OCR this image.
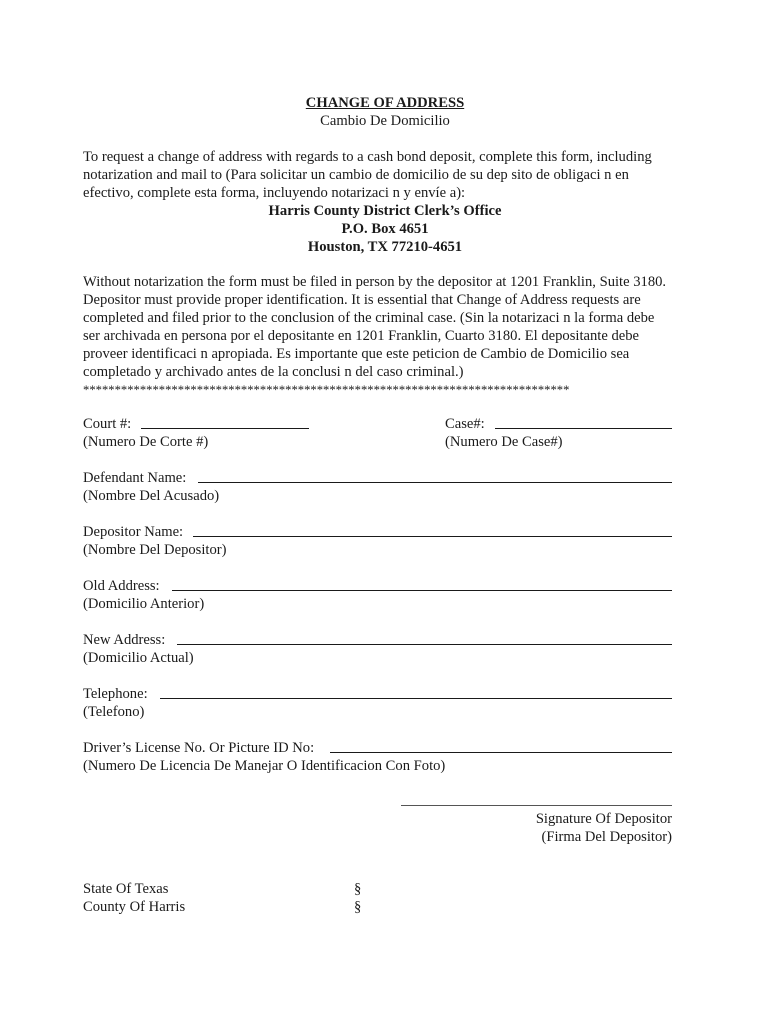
CHANGE OF ADDRESS

Cambio De Domicilio

To request a change of address with regards to a cash bond deposit, complete this form, including

notarization and mail to (Para solicitar un cambio de domicilio de su dep sito de obligaci n en

efectivo, complete esta forma, incluyendo notarizaci n y envíe a):

Harris County District Clerk’s Office

P.O. Box 4651

Houston, TX 77210-4651

Without notarization the form must be filed in person by the depositor at 1201 Franklin, Suite 3180.

Depositor must provide proper identification. It is essential that Change of Address requests are

completed and filed prior to the conclusion of the criminal case. (Sin la notarizaci n la forma debe

ser archivada en persona por el depositante en 1201 Franklin, Cuarto 3180. El depositante debe

proveer identificaci n apropiada. Es importante que este peticion de Cambio de Domicilio sea

completado y archivado antes de la conclusi n del caso criminal.)

*****************************************************************************

Court #:

(Numero De Corte #)

Case#:

(Numero De Case#)

Defendant Name:

(Nombre Del Acusado)

Depositor Name:

(Nombre Del Depositor)

Old Address:

(Domicilio Anterior)

New Address:

(Domicilio Actual)

Telephone:

(Telefono)

Driver’s License No. Or Picture ID No:

(Numero De Licencia De Manejar O Identificacion Con Foto)

Signature Of Depositor

(Firma Del Depositor)

State Of Texas

County Of Harris

§

§
